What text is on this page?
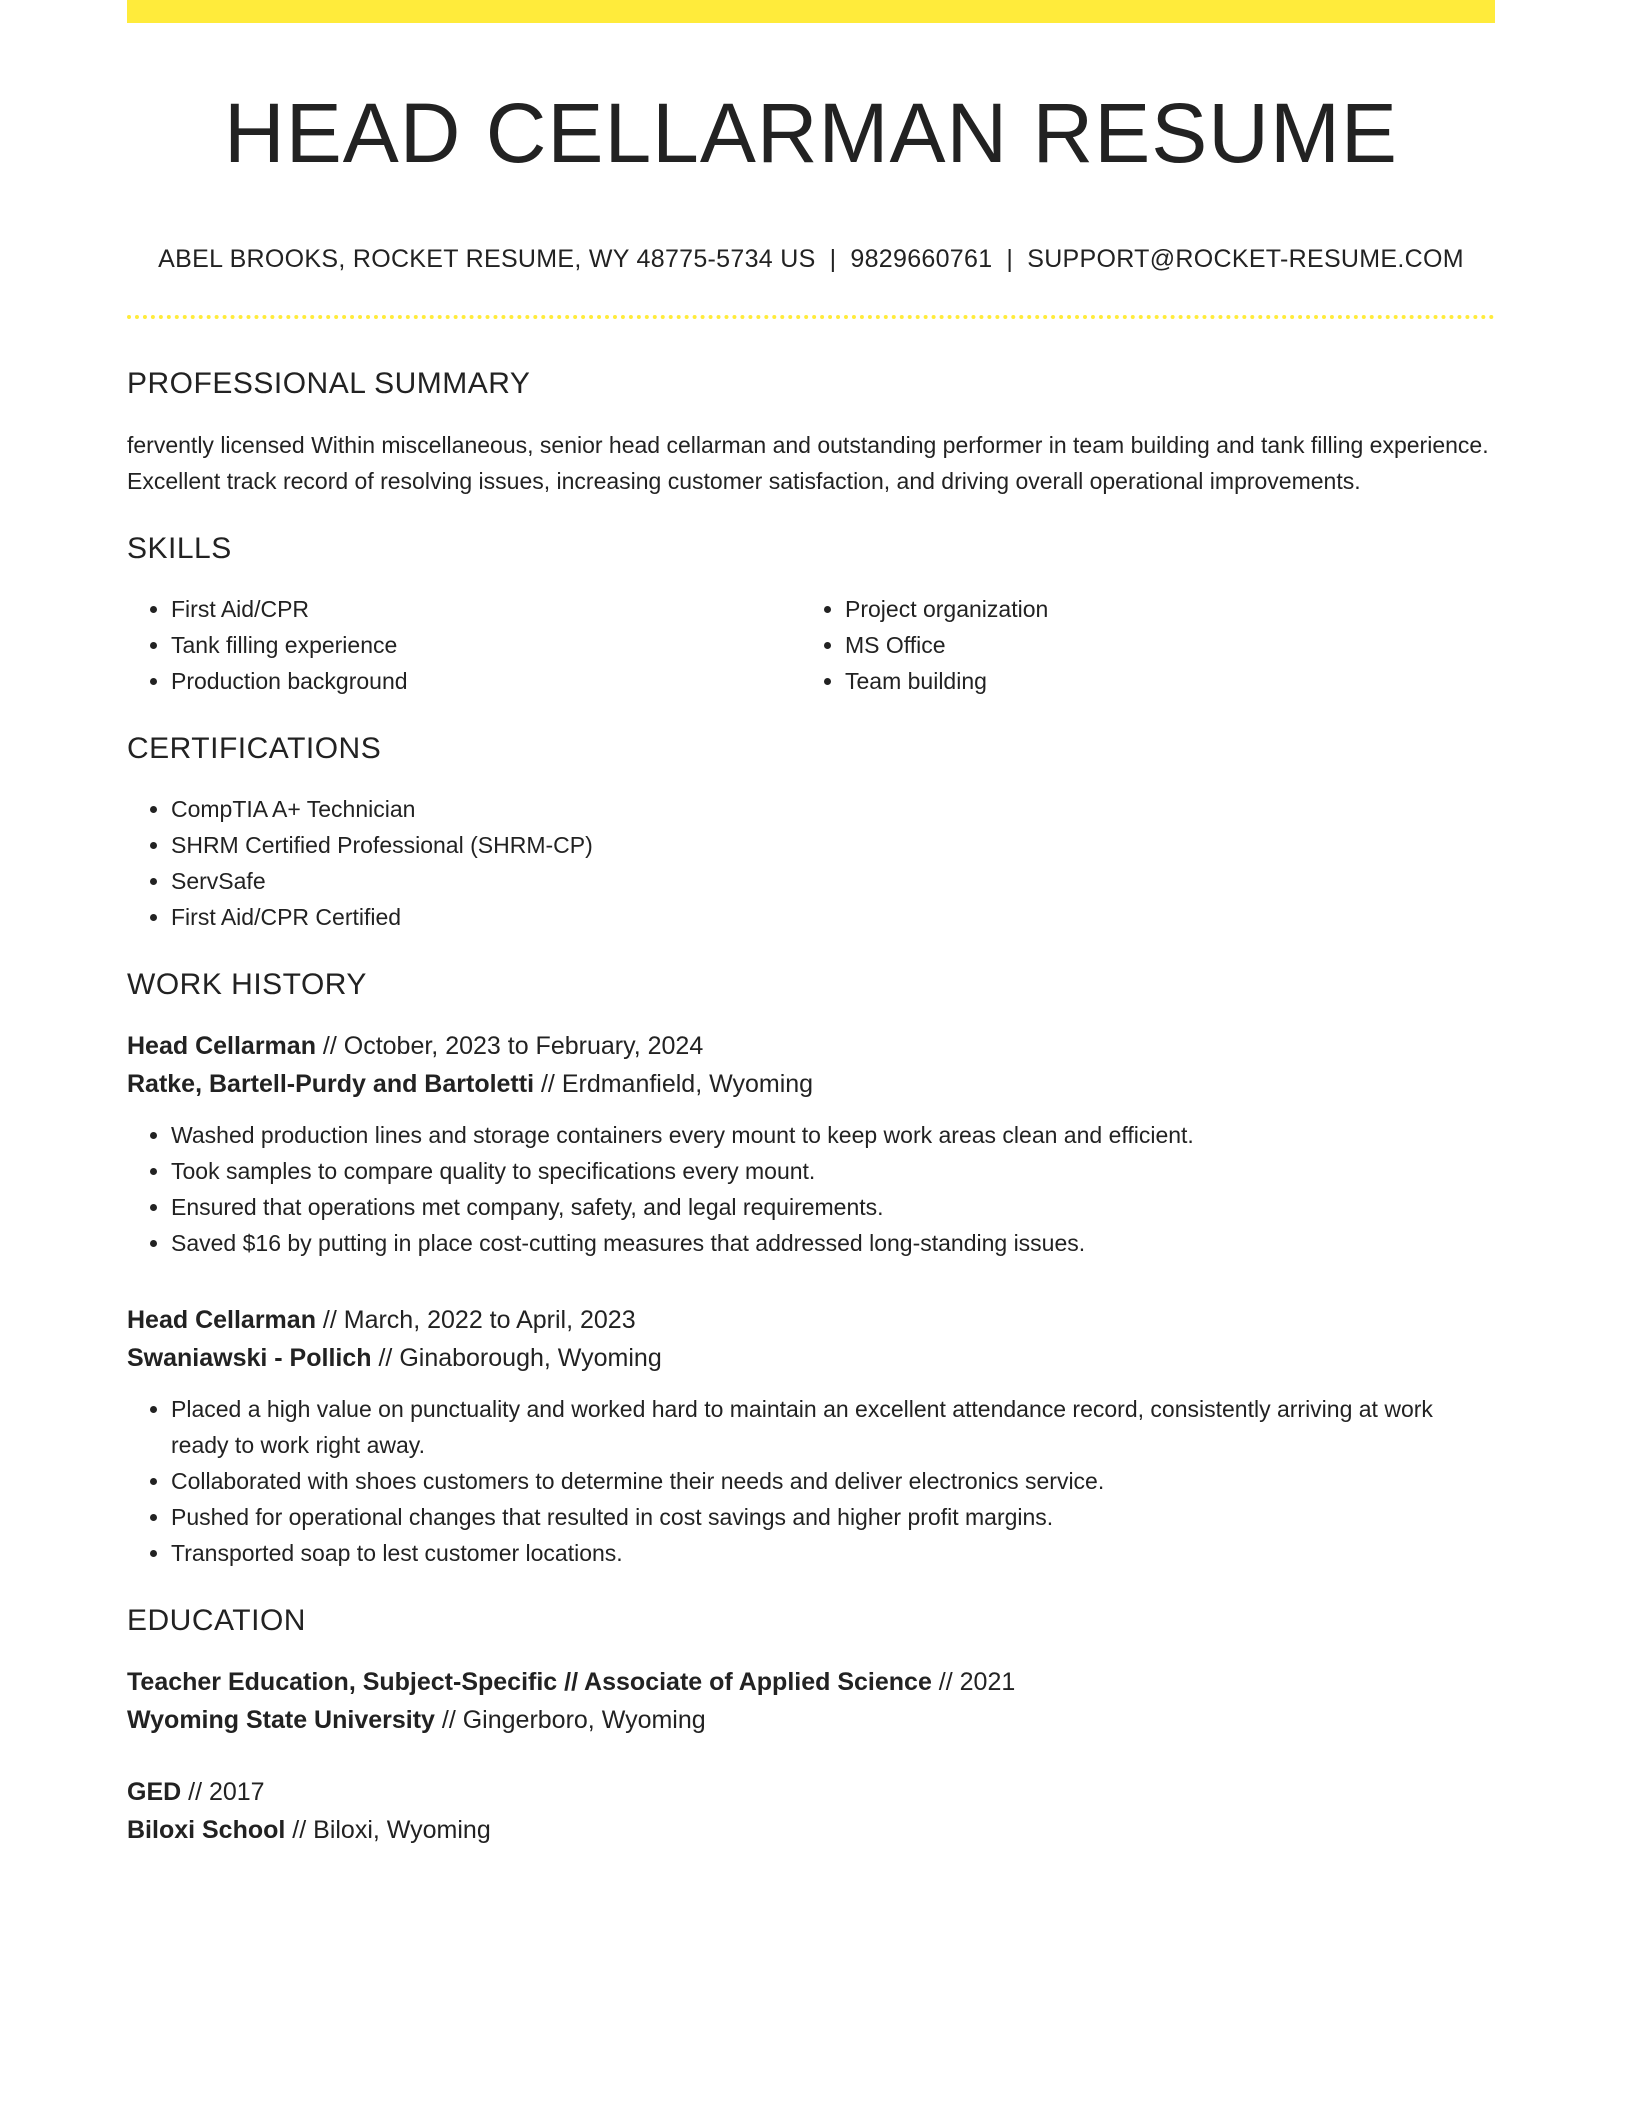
HEAD CELLARMAN RESUME
ABEL BROOKS, ROCKET RESUME, WY 48775-5734 US | 9829660761 | SUPPORT@ROCKET-RESUME.COM
PROFESSIONAL SUMMARY
fervently licensed Within miscellaneous, senior head cellarman and outstanding performer in team building and tank filling experience. Excellent track record of resolving issues, increasing customer satisfaction, and driving overall operational improvements.
SKILLS
• First Aid/CPR
• Tank filling experience
• Production background
• Project organization
• MS Office
• Team building
CERTIFICATIONS
• CompTIA A+ Technician
• SHRM Certified Professional (SHRM-CP)
• ServSafe
• First Aid/CPR Certified
WORK HISTORY
Head Cellarman // October, 2023 to February, 2024
Ratke, Bartell-Purdy and Bartoletti // Erdmanfield, Wyoming
• Washed production lines and storage containers every mount to keep work areas clean and efficient.
• Took samples to compare quality to specifications every mount.
• Ensured that operations met company, safety, and legal requirements.
• Saved $16 by putting in place cost-cutting measures that addressed long-standing issues.
Head Cellarman // March, 2022 to April, 2023
Swaniawski - Pollich // Ginaborough, Wyoming
• Placed a high value on punctuality and worked hard to maintain an excellent attendance record, consistently arriving at work ready to work right away.
• Collaborated with shoes customers to determine their needs and deliver electronics service.
• Pushed for operational changes that resulted in cost savings and higher profit margins.
• Transported soap to lest customer locations.
EDUCATION
Teacher Education, Subject-Specific // Associate of Applied Science // 2021
Wyoming State University // Gingerboro, Wyoming
GED // 2017
Biloxi School // Biloxi, Wyoming
